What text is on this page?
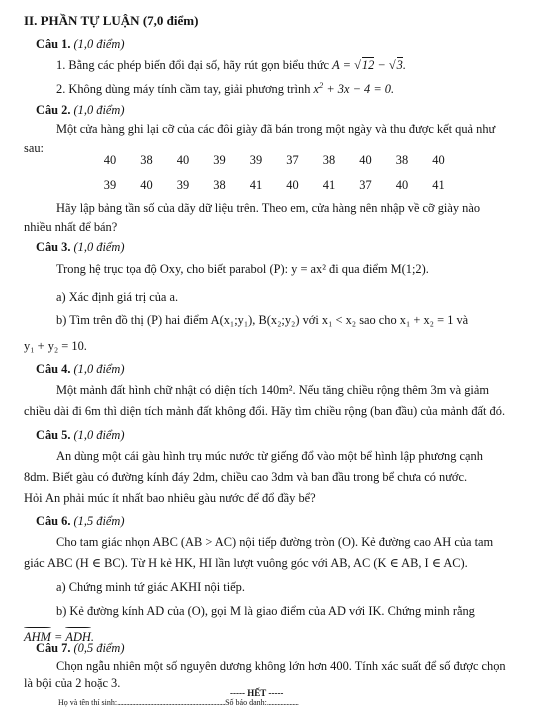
II. PHẦN TỰ LUẬN (7,0 điểm)
Câu 1. (1,0 điểm)
1. Bằng các phép biến đổi đại số, hãy rút gọn biểu thức A = √12 − √3.
2. Không dùng máy tính cầm tay, giải phương trình $x^2 + 3x - 4 = 0$.
Câu 2. (1,0 điểm)
Một cửa hàng ghi lại cỡ của các đôi giày đã bán trong một ngày và thu được kết quả như
sau:
40	38	40	39	39	37	38	40	38	40
39	40	39	38	41	40	41	37	40	41
Hãy lập bảng tần số của dãy dữ liệu trên. Theo em, cửa hàng nên nhập về cỡ giày nào
nhiều nhất để bán?
Câu 3. (1,0 điểm)
Trong hệ trục tọa độ Oxy, cho biết parabol (P): y = ax² đi qua điểm M(1;2).
a) Xác định giá trị của a.
b) Tìm trên đồ thị (P) hai điểm A(x₁;y₁), B(x₂;y₂) với x₁ < x₂ sao cho x₁ + x₂ = 1 và
y₁ + y₂ = 10.
Câu 4. (1,0 điểm)
Một mảnh đất hình chữ nhật có diện tích 140m². Nếu tăng chiều rộng thêm 3m và giảm
chiều dài đi 6m thì diện tích mảnh đất không đổi. Hãy tìm chiều rộng (ban đầu) của mảnh đất đó.
Câu 5. (1,0 điểm)
An dùng một cái gàu hình trụ múc nước từ giếng đổ vào một bể hình lập phương cạnh
8dm. Biết gàu có đường kính đáy 2dm, chiều cao 3dm và ban đầu trong bể chưa có nước.
Hỏi An phải múc ít nhất bao nhiêu gàu nước để đổ đầy bể?
Câu 6. (1,5 điểm)
Cho tam giác nhọn ABC (AB > AC) nội tiếp đường tròn (O). Kẻ đường cao AH của tam
giác ABC (H ∈ BC). Từ H kẻ HK, HI lần lượt vuông góc với AB, AC (K ∈ AB, I ∈ AC).
a) Chứng minh tứ giác AKHI nội tiếp.
b) Kẻ đường kính AD của (O), gọi M là giao điểm của AD với IK. Chứng minh rằng
AHM = ADH.
Câu 7. (0,5 điểm)
Chọn ngẫu nhiên một số nguyên dương không lớn hơn 400. Tính xác suất để số được chọn
là bội của 2 hoặc 3.
----- HẾT -----
Họ và tên thí sinh:........................................................................Số báo danh:.....................
